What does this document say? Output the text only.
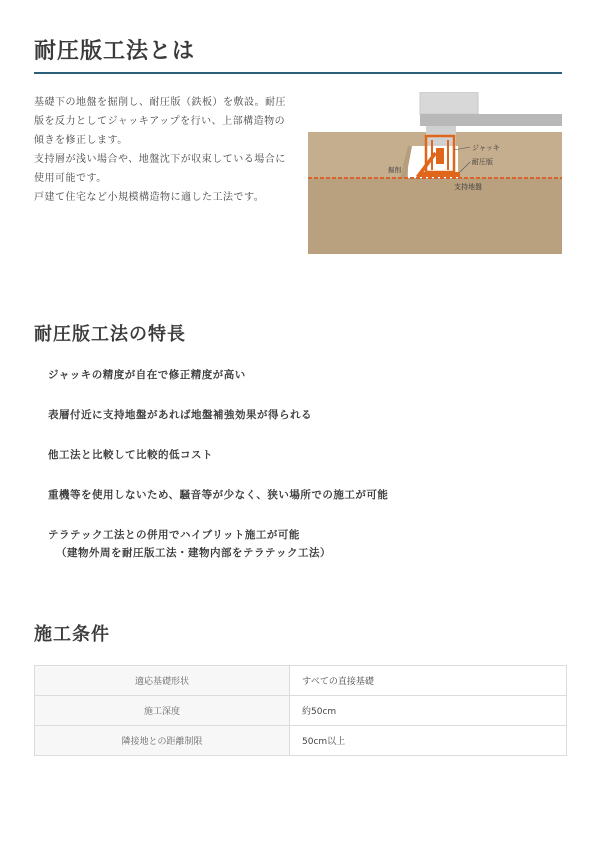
耐圧版工法とは

基礎下の地盤を掘削し、耐圧版（鉄板）を敷設。耐圧版を反力としてジャッキアップを行い、上部構造物の傾きを修正します。

支持層が浅い場合や、地盤沈下が収束している場合に使用可能です。

戸建て住宅など小規模構造物に適した工法です。

ジャッキ
耐圧版
掘削
支持地盤
耐圧版工法の特長
ジャッキの精度が自在で修正精度が高い
表層付近に支持地盤があれば地盤補強効果が得られる
他工法と比較して比較的低コスト
重機等を使用しないため、騒音等が少なく、狭い場所での施工が可能
テラテック工法との併用でハイブリット施工が可能
（建物外周を耐圧版工法・建物内部をテラテック工法）
施工条件
適応基礎形状	すべての直接基礎
施工深度	約50cm
隣接地との距離制限	50cm以上
